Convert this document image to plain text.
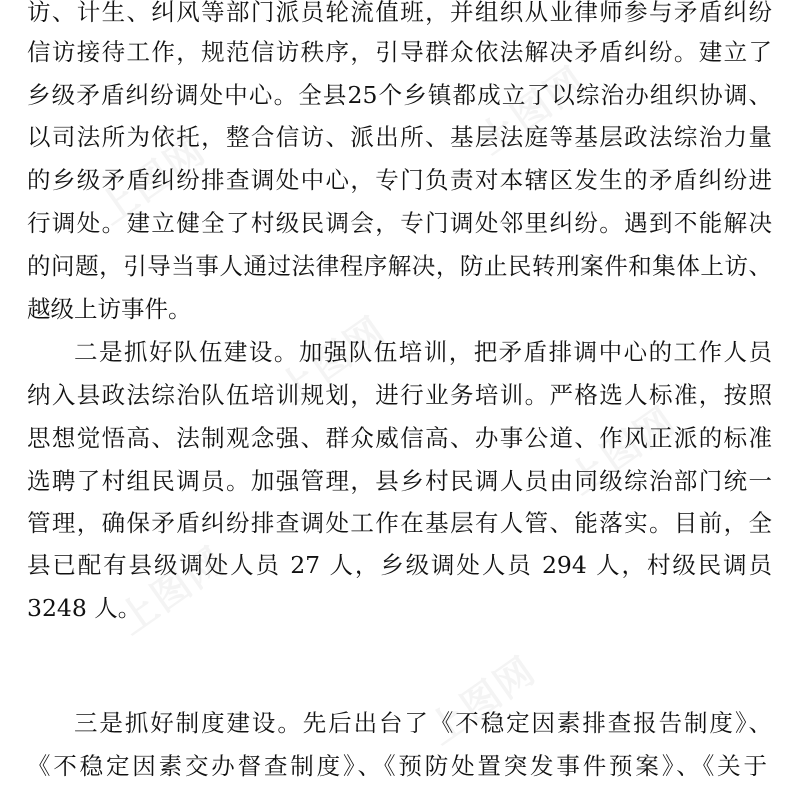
上图网
上图网
上图网
上图网
上图网
上图网
访、计生、纠风等部门派员轮流值班，并组织从业律师参与矛盾纠纷
信访接待工作，规范信访秩序，引导群众依法解决矛盾纠纷。建立了
乡级矛盾纠纷调处中心。全县25个乡镇都成立了以综治办组织协调、
以司法所为依托，整合信访、派出所、基层法庭等基层政法综治力量
的乡级矛盾纠纷排查调处中心，专门负责对本辖区发生的矛盾纠纷进
行调处。建立健全了村级民调会，专门调处邻里纠纷。遇到不能解决
的问题，引导当事人通过法律程序解决，防止民转刑案件和集体上访、
越级上访事件。
二是抓好队伍建设。加强队伍培训，把矛盾排调中心的工作人员
纳入县政法综治队伍培训规划，进行业务培训。严格选人标准，按照
思想觉悟高、法制观念强、群众威信高、办事公道、作风正派的标准
选聘了村组民调员。加强管理，县乡村民调人员由同级综治部门统一
管理，确保矛盾纠纷排查调处工作在基层有人管、能落实。目前，全
县已配有县级调处人员 27 人，乡级调处人员 294 人，村级民调员
3248 人。
三是抓好制度建设。先后出台了《不稳定因素排查报告制度》、
《不稳定因素交办督查制度》、《预防处置突发事件预案》、《关于
